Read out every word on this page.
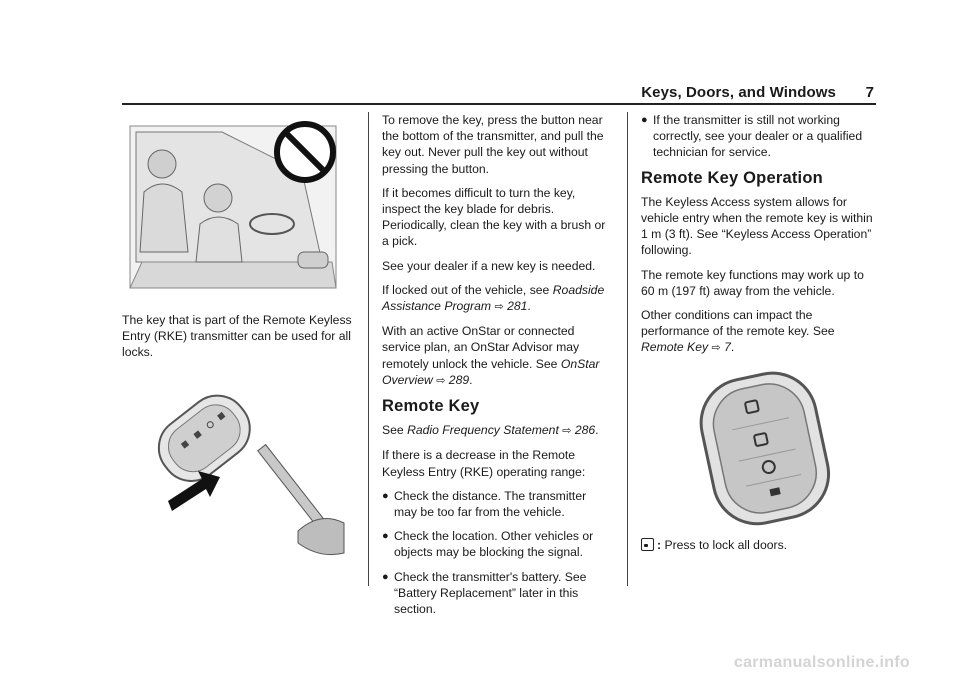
Keys, Doors, and Windows 7

The key that is part of the Remote Keyless Entry (RKE) transmitter can be used for all locks.

To remove the key, press the button near the bottom of the transmitter, and pull the key out. Never pull the key out without pressing the button.

If it becomes difficult to turn the key, inspect the key blade for debris. Periodically, clean the key with a brush or a pick.

See your dealer if a new key is needed.

If locked out of the vehicle, see Roadside Assistance Program ⇨ 281.

With an active OnStar or connected service plan, an OnStar Advisor may remotely unlock the vehicle. See OnStar Overview ⇨ 289.

Remote Key

See Radio Frequency Statement ⇨ 286.

If there is a decrease in the Remote Keyless Entry (RKE) operating range:

● Check the distance. The transmitter may be too far from the vehicle.
● Check the location. Other vehicles or objects may be blocking the signal.
● Check the transmitter's battery. See “Battery Replacement” later in this section.
● If the transmitter is still not working correctly, see your dealer or a qualified technician for service.
Remote Key Operation

The Keyless Access system allows for vehicle entry when the remote key is within 1 m (3 ft). See “Keyless Access Operation” following.

The remote key functions may work up to 60 m (197 ft) away from the vehicle.

Other conditions can impact the performance of the remote key. See Remote Key ⇨ 7.

: Press to lock all doors.

carmanualsonline.info
